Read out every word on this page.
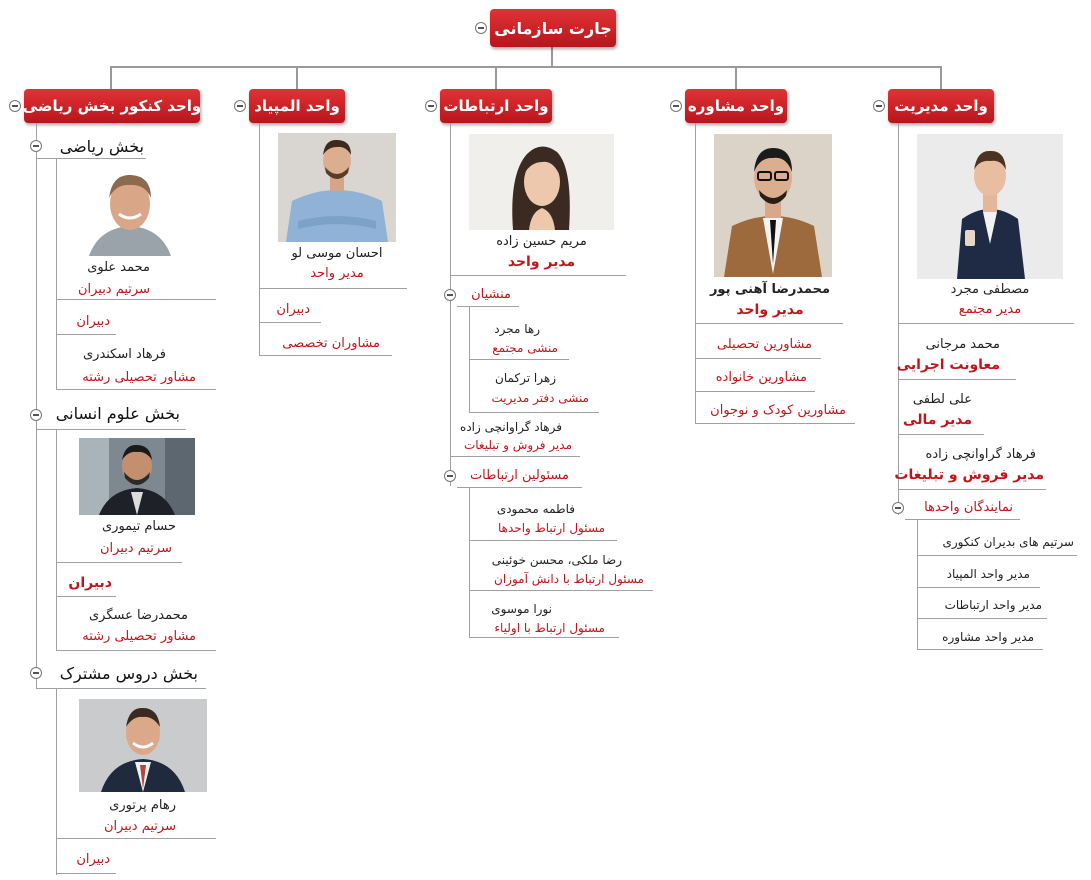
جارت سازمانی
واحد مدیریت
مصطفی مجرد
مدیر مجتمع
محمد مرجانی
معاونت اجرایی
علی لطفی
مدیر مالی
فرهاد گراوانچی زاده
مدیر فروش و تبلیغات
نمایندگان واحدها
سرتیم های بدیران کنکوری
مدیر واحد المپیاد
مدیر واحد ارتباطات
مدیر واحد مشاوره
واحد مشاوره
محمدرضا آهنی پور
مدیر واحد
مشاورین تحصیلی
مشاورین خانواده
مشاورین کودک و نوجوان
واحد ارتباطات
مریم حسین زاده
مدیر واحد
منشیان
رها مجرد
منشی مجتمع
زهرا ترکمان
منشی دفتر مدیریت
فرهاد گراوانچی زاده
مدیر فروش و تبلیغات
مسئولین ارتباطات
فاطمه محمودی
مسئول ارتباط واحدها
رضا ملکی، محسن خوئینی
مسئول ارتباط با دانش آموزان
نورا موسوی
مسئول ارتباط با اولیاء
واحد المپیاد
احسان موسی لو
مدیر واحد
دبیران
مشاوران تخصصی
واحد کنکور بخش ریاضی
بخش ریاضی
محمد علوی
سرتیم دبیران
دبیران
فرهاد اسکندری
مشاور تحصیلی رشته
بخش علوم انسانی
حسام تیموری
سرتیم دبیران
دبیران
محمدرضا عسگری
مشاور تحصیلی رشته
بخش دروس مشترک
رهام پرتوری
سرتیم دبیران
دبیران
